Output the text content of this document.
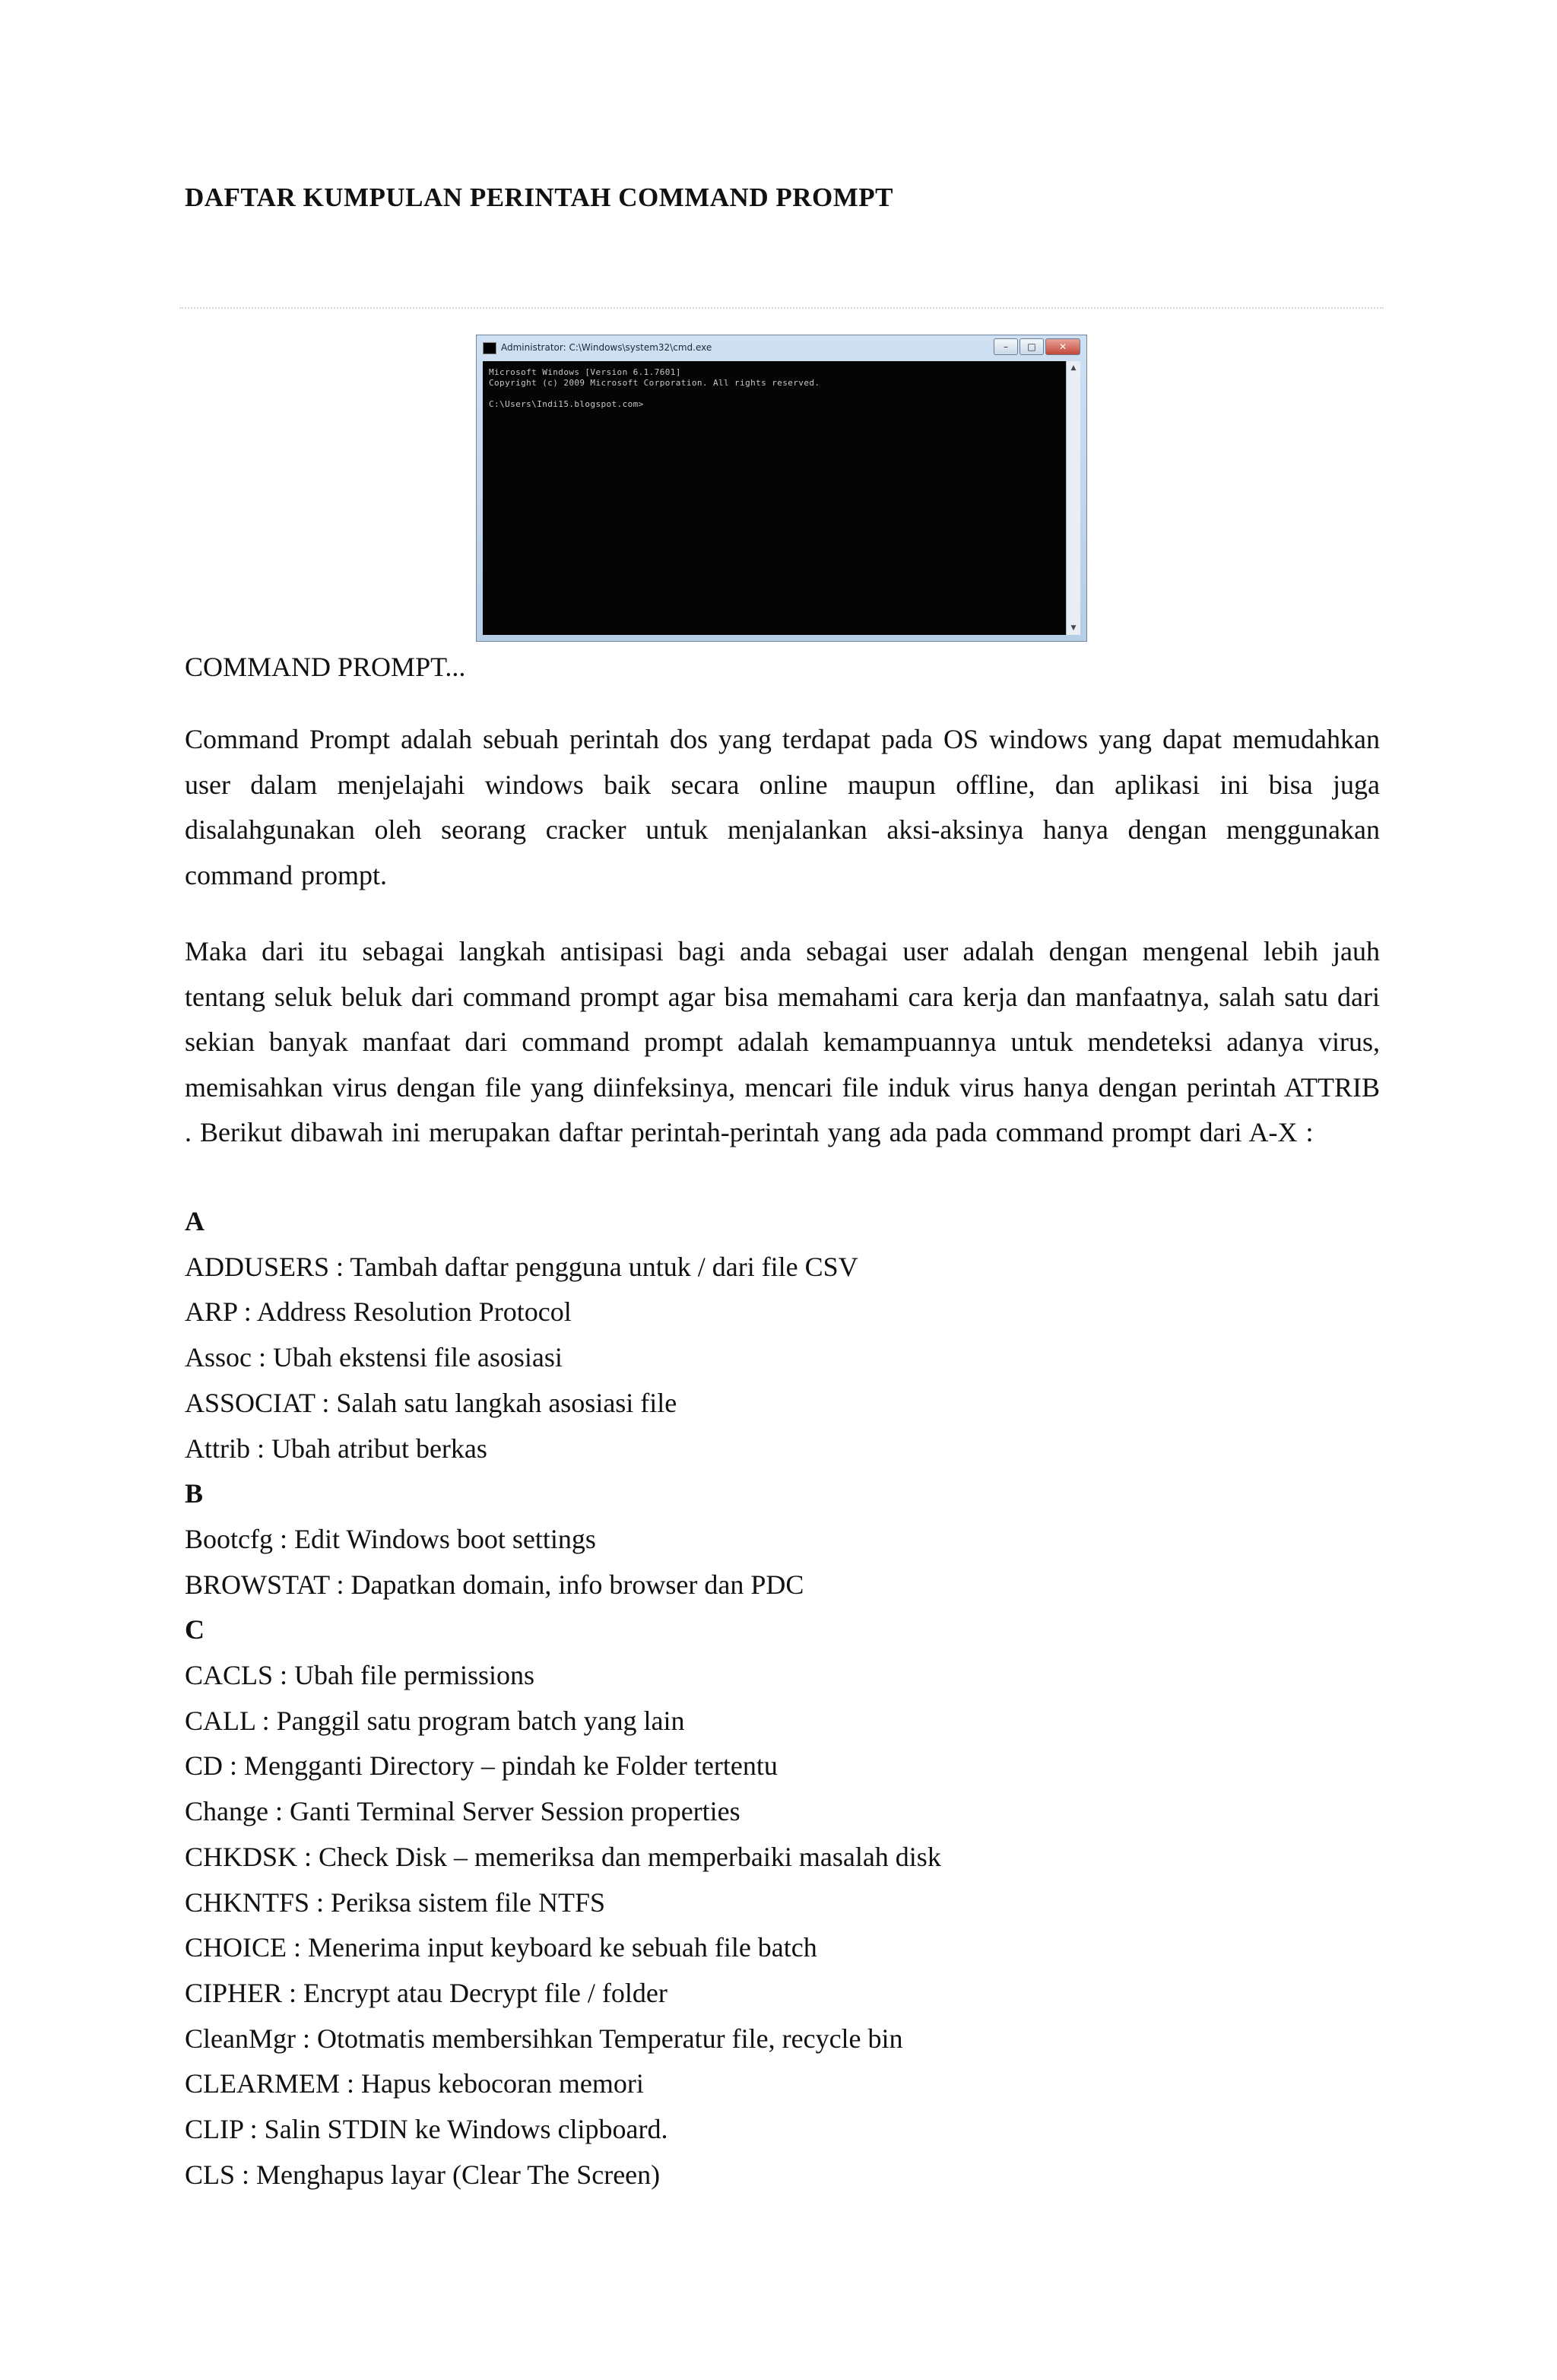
DAFTAR KUMPULAN PERINTAH COMMAND PROMPT
Administrator: C:\Windows\system32\cmd.exe	–	□	✕
Microsoft Windows [Version 6.1.7601]
Copyright (c) 2009 Microsoft Corporation. All rights reserved.
C:\Users\Indi15.blogspot.com>
▲
▼
COMMAND PROMPT...
Command Prompt adalah sebuah perintah dos yang terdapat pada OS windows yang dapat memudahkan user dalam menjelajahi windows baik secara online maupun offline, dan aplikasi ini bisa juga disalahgunakan oleh seorang cracker untuk menjalankan aksi-aksinya hanya dengan menggunakan command prompt.
Maka dari itu sebagai langkah antisipasi bagi anda sebagai user adalah dengan mengenal lebih jauh tentang seluk beluk dari command prompt agar bisa memahami cara kerja dan manfaatnya, salah satu dari sekian banyak manfaat dari command prompt adalah kemampuannya untuk mendeteksi adanya virus, memisahkan virus dengan file yang diinfeksinya, mencari file induk virus hanya dengan perintah ATTRIB . Berikut dibawah ini merupakan daftar perintah-perintah yang ada pada command prompt dari A-X :
A
ADDUSERS : Tambah daftar pengguna untuk / dari file CSV
ARP : Address Resolution Protocol
Assoc : Ubah ekstensi file asosiasi
ASSOCIAT : Salah satu langkah asosiasi file
Attrib : Ubah atribut berkas
B
Bootcfg : Edit Windows boot settings
BROWSTAT : Dapatkan domain, info browser dan PDC
C
CACLS : Ubah file permissions
CALL : Panggil satu program batch yang lain
CD : Mengganti Directory – pindah ke Folder tertentu
Change : Ganti Terminal Server Session properties
CHKDSK : Check Disk – memeriksa dan memperbaiki masalah disk
CHKNTFS : Periksa sistem file NTFS
CHOICE : Menerima input keyboard ke sebuah file batch
CIPHER : Encrypt atau Decrypt file / folder
CleanMgr : Ototmatis membersihkan Temperatur file, recycle bin
CLEARMEM : Hapus kebocoran memori
CLIP : Salin STDIN ke Windows clipboard.
CLS : Menghapus layar (Clear The Screen)
